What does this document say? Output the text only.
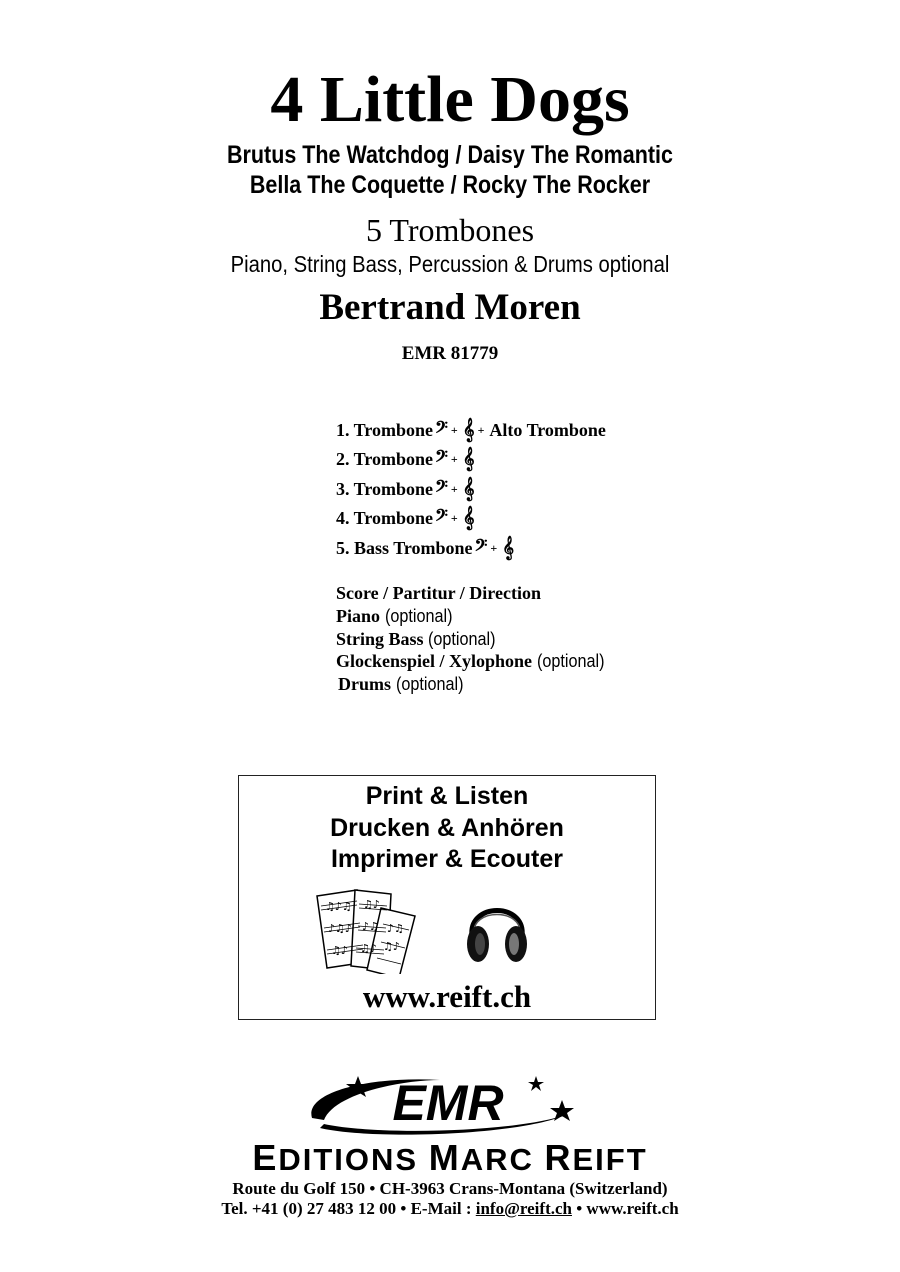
4 Little Dogs
Brutus The Watchdog / Daisy The Romantic
Bella The Coquette / Rocky The Rocker
5 Trombones
Piano, String Bass, Percussion & Drums optional
Bertrand Moren
EMR 81779
1. Trombone 𝄢 + 𝄞 + Alto Trombone
2. Trombone 𝄢 + 𝄞
3. Trombone 𝄢 + 𝄞
4. Trombone 𝄢 + 𝄞
5. Bass Trombone 𝄢 + 𝄞
Score / Partitur / Direction
Piano (optional)
String Bass (optional)
Glockenspiel / Xylophone (optional)
Drums (optional)
Print & Listen
Drucken & Anhören
Imprimer & Ecouter
♫♪♫
♪♫♪
♫♪
♫♪
♪♫
♫♪
♪♫
♫♪
www.reift.ch
EMR
EDITIONS MARC REIFT
Route du Golf 150 • CH-3963 Crans-Montana (Switzerland)
Tel. +41 (0) 27 483 12 00 • E-Mail : info@reift.ch • www.reift.ch
